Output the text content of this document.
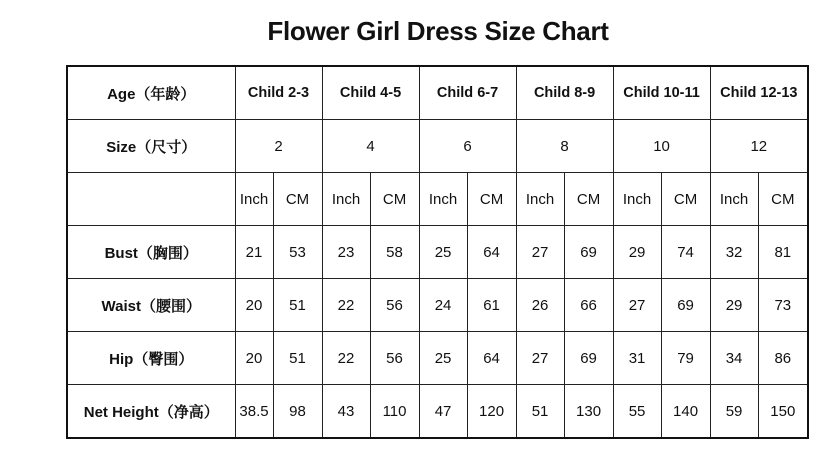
Flower Girl Dress Size Chart
Age（年龄）	Child 2-3		Child 4-5		Child 6-7		Child 8-9		Child 10-11		Child 12-13	
Size（尺寸）	2		4		6		8		10		12	
	Inch	CM	Inch	CM	Inch	CM	Inch	CM	Inch	CM	Inch	CM
Bust（胸围）	21	53	23	58	25	64	27	69	29	74	32	81
Waist（腰围）	20	51	22	56	24	61	26	66	27	69	29	73
Hip（臀围）	20	51	22	56	25	64	27	69	31	79	34	86
Net Height（净高）	38.5	98	43	110	47	120	51	130	55	140	59	150
